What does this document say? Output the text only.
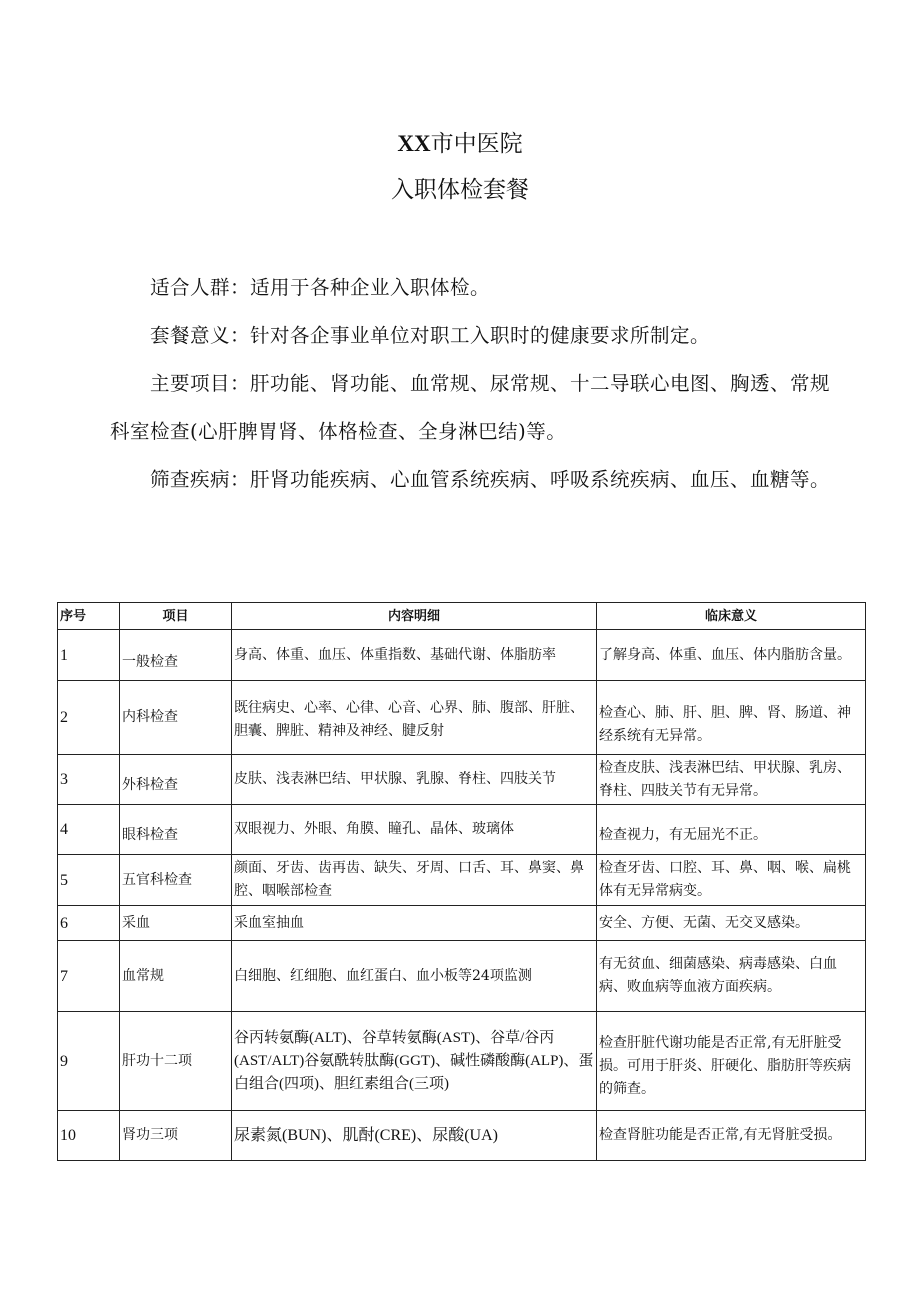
XX市中医院
入职体检套餐
适合人群：适用于各种企业入职体检。
套餐意义：针对各企事业单位对职工入职时的健康要求所制定。
主要项目：肝功能、肾功能、血常规、尿常规、十二导联心电图、胸透、常规科室检查(心肝脾胃肾、体格检查、全身淋巴结)等。
筛查疾病：肝肾功能疾病、心血管系统疾病、呼吸系统疾病、血压、血糖等。
序号	项目	内容明细	临床意义
1	一般检查	身高、体重、血压、体重指数、基础代谢、体脂肪率	了解身高、体重、血压、体内脂肪含量。
2	内科检查	既往病史、心率、心律、心音、心界、肺、腹部、肝脏、胆囊、脾脏、精神及神经、腱反射	检查心、肺、肝、胆、脾、肾、肠道、神经系统有无异常。
3	外科检查	皮肤、浅表淋巴结、甲状腺、乳腺、脊柱、四肢关节	检查皮肤、浅表淋巴结、甲状腺、乳房、脊柱、四肢关节有无异常。
4	眼科检查	双眼视力、外眼、角膜、瞳孔、晶体、玻璃体	检查视力，有无屈光不正。
5	五官科检查	颜面、牙齿、齿再齿、缺失、牙周、口舌、耳、鼻窦、鼻腔、咽喉部检查	检查牙齿、口腔、耳、鼻、咽、喉、扁桃体有无异常病变。
6	采血	采血室抽血	安全、方便、无菌、无交叉感染。
7	血常规	白细胞、红细胞、血红蛋白、血小板等24项监测	有无贫血、细菌感染、病毒感染、白血病、败血病等血液方面疾病。
9	肝功十二项	谷丙转氨酶(ALT)、谷草转氨酶(AST)、谷草/谷丙(AST/ALT)谷氨酰转肽酶(GGT)、碱性磷酸酶(ALP)、蛋白组合(四项)、胆红素组合(三项)	检查肝脏代谢功能是否正常,有无肝脏受损。可用于肝炎、肝硬化、脂肪肝等疾病的筛查。
10	肾功三项	尿素氮(BUN)、肌酎(CRE)、尿酸(UA)	检查肾脏功能是否正常,有无肾脏受损。
